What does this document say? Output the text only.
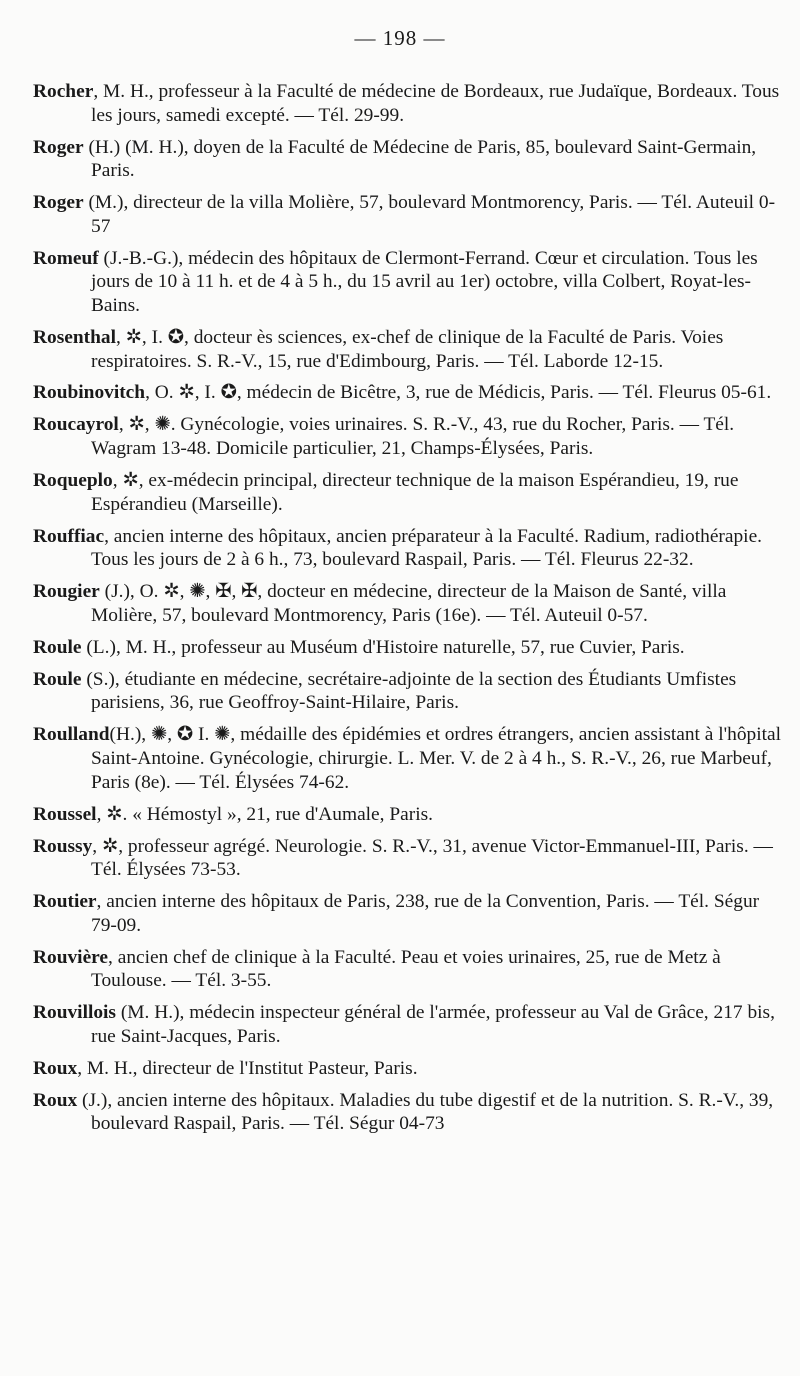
— 198 —

Rocher, M. H., professeur à la Faculté de médecine de Bordeaux, rue Judaïque, Bordeaux. Tous les jours, samedi excepté. — Tél. 29-99.

Roger (H.) (M. H.), doyen de la Faculté de Médecine de Paris, 85, boulevard Saint-Germain, Paris.

Roger (M.), directeur de la villa Molière, 57, boulevard Montmorency, Paris. — Tél. Auteuil 0-57

Romeuf (J.-B.-G.), médecin des hôpitaux de Clermont-Ferrand. Cœur et circulation. Tous les jours de 10 à 11 h. et de 4 à 5 h., du 15 avril au 1er) octobre, villa Colbert, Royat-les-Bains.

Rosenthal, ✲, I. ✪, docteur ès sciences, ex-chef de clinique de la Faculté de Paris. Voies respiratoires. S. R.-V., 15, rue d'Edimbourg, Paris. — Tél. Laborde 12-15.

Roubinovitch, O. ✲, I. ✪, médecin de Bicêtre, 3, rue de Médicis, Paris. — Tél. Fleurus 05-61.

Roucayrol, ✲, ✺. Gynécologie, voies urinaires. S. R.-V., 43, rue du Rocher, Paris. — Tél. Wagram 13-48. Domicile particulier, 21, Champs-Élysées, Paris.

Roqueplo, ✲, ex-médecin principal, directeur technique de la maison Espérandieu, 19, rue Espérandieu (Marseille).

Rouffiac, ancien interne des hôpitaux, ancien préparateur à la Faculté. Radium, radiothérapie. Tous les jours de 2 à 6 h., 73, boulevard Raspail, Paris. — Tél. Fleurus 22-32.

Rougier (J.), O. ✲, ✺, ✠, ✠, docteur en médecine, directeur de la Maison de Santé, villa Molière, 57, boulevard Montmorency, Paris (16e). — Tél. Auteuil 0-57.

Roule (L.), M. H., professeur au Muséum d'Histoire naturelle, 57, rue Cuvier, Paris.

Roule (S.), étudiante en médecine, secrétaire-adjointe de la section des Étudiants Umfistes parisiens, 36, rue Geoffroy-Saint-Hilaire, Paris.

Roulland(H.), ✺, ✪ I. ✺, médaille des épidémies et ordres étrangers, ancien assistant à l'hôpital Saint-Antoine. Gynécologie, chirurgie. L. Mer. V. de 2 à 4 h., S. R.-V., 26, rue Marbeuf, Paris (8e). — Tél. Élysées 74-62.

Roussel, ✲. « Hémostyl », 21, rue d'Aumale, Paris.

Roussy, ✲, professeur agrégé. Neurologie. S. R.-V., 31, avenue Victor-Emmanuel-III, Paris. — Tél. Élysées 73-53.

Routier, ancien interne des hôpitaux de Paris, 238, rue de la Convention, Paris. — Tél. Ségur 79-09.

Rouvière, ancien chef de clinique à la Faculté. Peau et voies urinaires, 25, rue de Metz à Toulouse. — Tél. 3-55.

Rouvillois (M. H.), médecin inspecteur général de l'armée, professeur au Val de Grâce, 217 bis, rue Saint-Jacques, Paris.

Roux, M. H., directeur de l'Institut Pasteur, Paris.

Roux (J.), ancien interne des hôpitaux. Maladies du tube digestif et de la nutrition. S. R.-V., 39, boulevard Raspail, Paris. — Tél. Ségur 04-73
